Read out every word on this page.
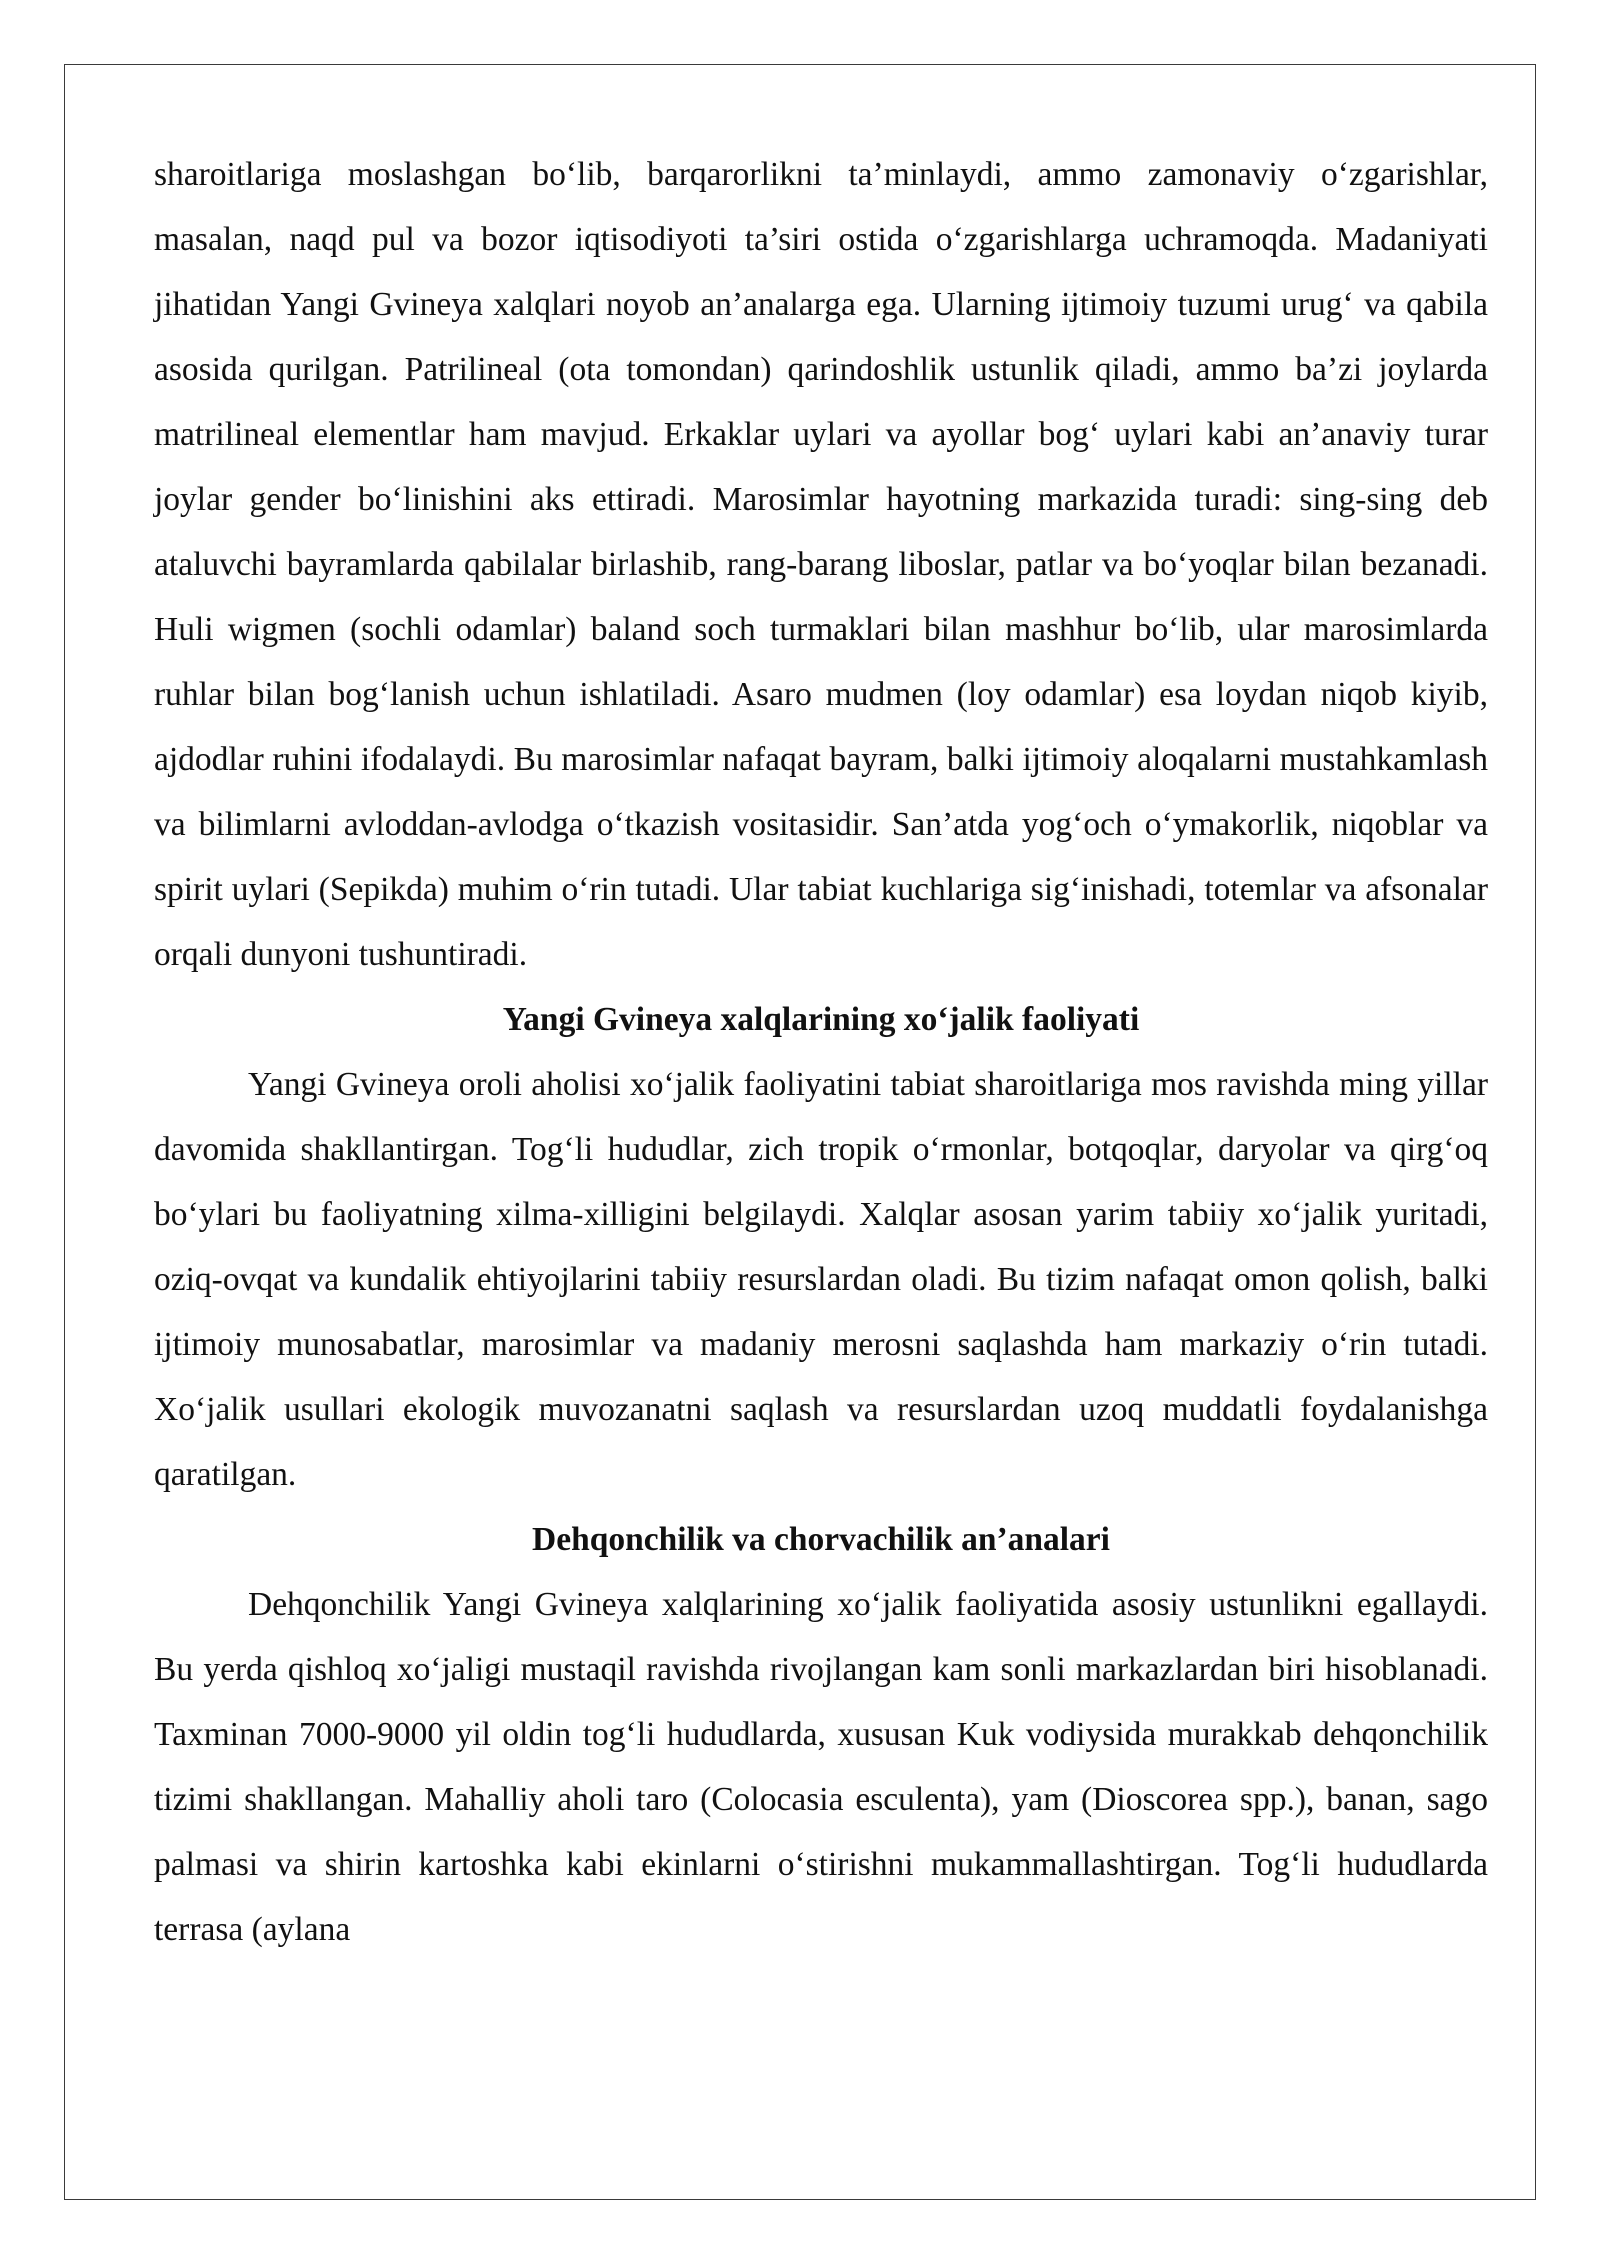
sharoitlariga moslashgan bo‘lib, barqarorlikni ta’minlaydi, ammo zamonaviy o‘zgarishlar, masalan, naqd pul va bozor iqtisodiyoti ta’siri ostida o‘zgarishlarga uchramoqda. Madaniyati jihatidan Yangi Gvineya xalqlari noyob an’analarga ega. Ularning ijtimoiy tuzumi urug‘ va qabila asosida qurilgan. Patrilineal (ota tomondan) qarindoshlik ustunlik qiladi, ammo ba’zi joylarda matrilineal elementlar ham mavjud. Erkaklar uylari va ayollar bog‘ uylari kabi an’anaviy turar joylar gender bo‘linishini aks ettiradi. Marosimlar hayotning markazida turadi: sing-sing deb ataluvchi bayramlarda qabilalar birlashib, rang-barang liboslar, patlar va bo‘yoqlar bilan bezanadi. Huli wigmen (sochli odamlar) baland soch turmaklari bilan mashhur bo‘lib, ular marosimlarda ruhlar bilan bog‘lanish uchun ishlatiladi. Asaro mudmen (loy odamlar) esa loydan niqob kiyib, ajdodlar ruhini ifodalaydi. Bu marosimlar nafaqat bayram, balki ijtimoiy aloqalarni mustahkamlash va bilimlarni avloddan-avlodga o‘tkazish vositasidir. San’atda yog‘och o‘ymakorlik, niqoblar va spirit uylari (Sepikda) muhim o‘rin tutadi. Ular tabiat kuchlariga sig‘inishadi, totemlar va afsonalar orqali dunyoni tushuntiradi.

Yangi Gvineya xalqlarining xo‘jalik faoliyati

Yangi Gvineya oroli aholisi xo‘jalik faoliyatini tabiat sharoitlariga mos ravishda ming yillar davomida shakllantirgan. Tog‘li hududlar, zich tropik o‘rmonlar, botqoqlar, daryolar va qirg‘oq bo‘ylari bu faoliyatning xilma-xilligini belgilaydi. Xalqlar asosan yarim tabiiy xo‘jalik yuritadi, oziq-ovqat va kundalik ehtiyojlarini tabiiy resurslardan oladi. Bu tizim nafaqat omon qolish, balki ijtimoiy munosabatlar, marosimlar va madaniy merosni saqlashda ham markaziy o‘rin tutadi. Xo‘jalik usullari ekologik muvozanatni saqlash va resurslardan uzoq muddatli foydalanishga qaratilgan.

Dehqonchilik va chorvachilik an’analari

Dehqonchilik Yangi Gvineya xalqlarining xo‘jalik faoliyatida asosiy ustunlikni egallaydi. Bu yerda qishloq xo‘jaligi mustaqil ravishda rivojlangan kam sonli markazlardan biri hisoblanadi. Taxminan 7000-9000 yil oldin tog‘li hududlarda, xususan Kuk vodiysida murakkab dehqonchilik tizimi shakllangan. Mahalliy aholi taro (Colocasia esculenta), yam (Dioscorea spp.), banan, sago palmasi va shirin kartoshka kabi ekinlarni o‘stirishni mukammallashtirgan. Tog‘li hududlarda terrasa (aylana
